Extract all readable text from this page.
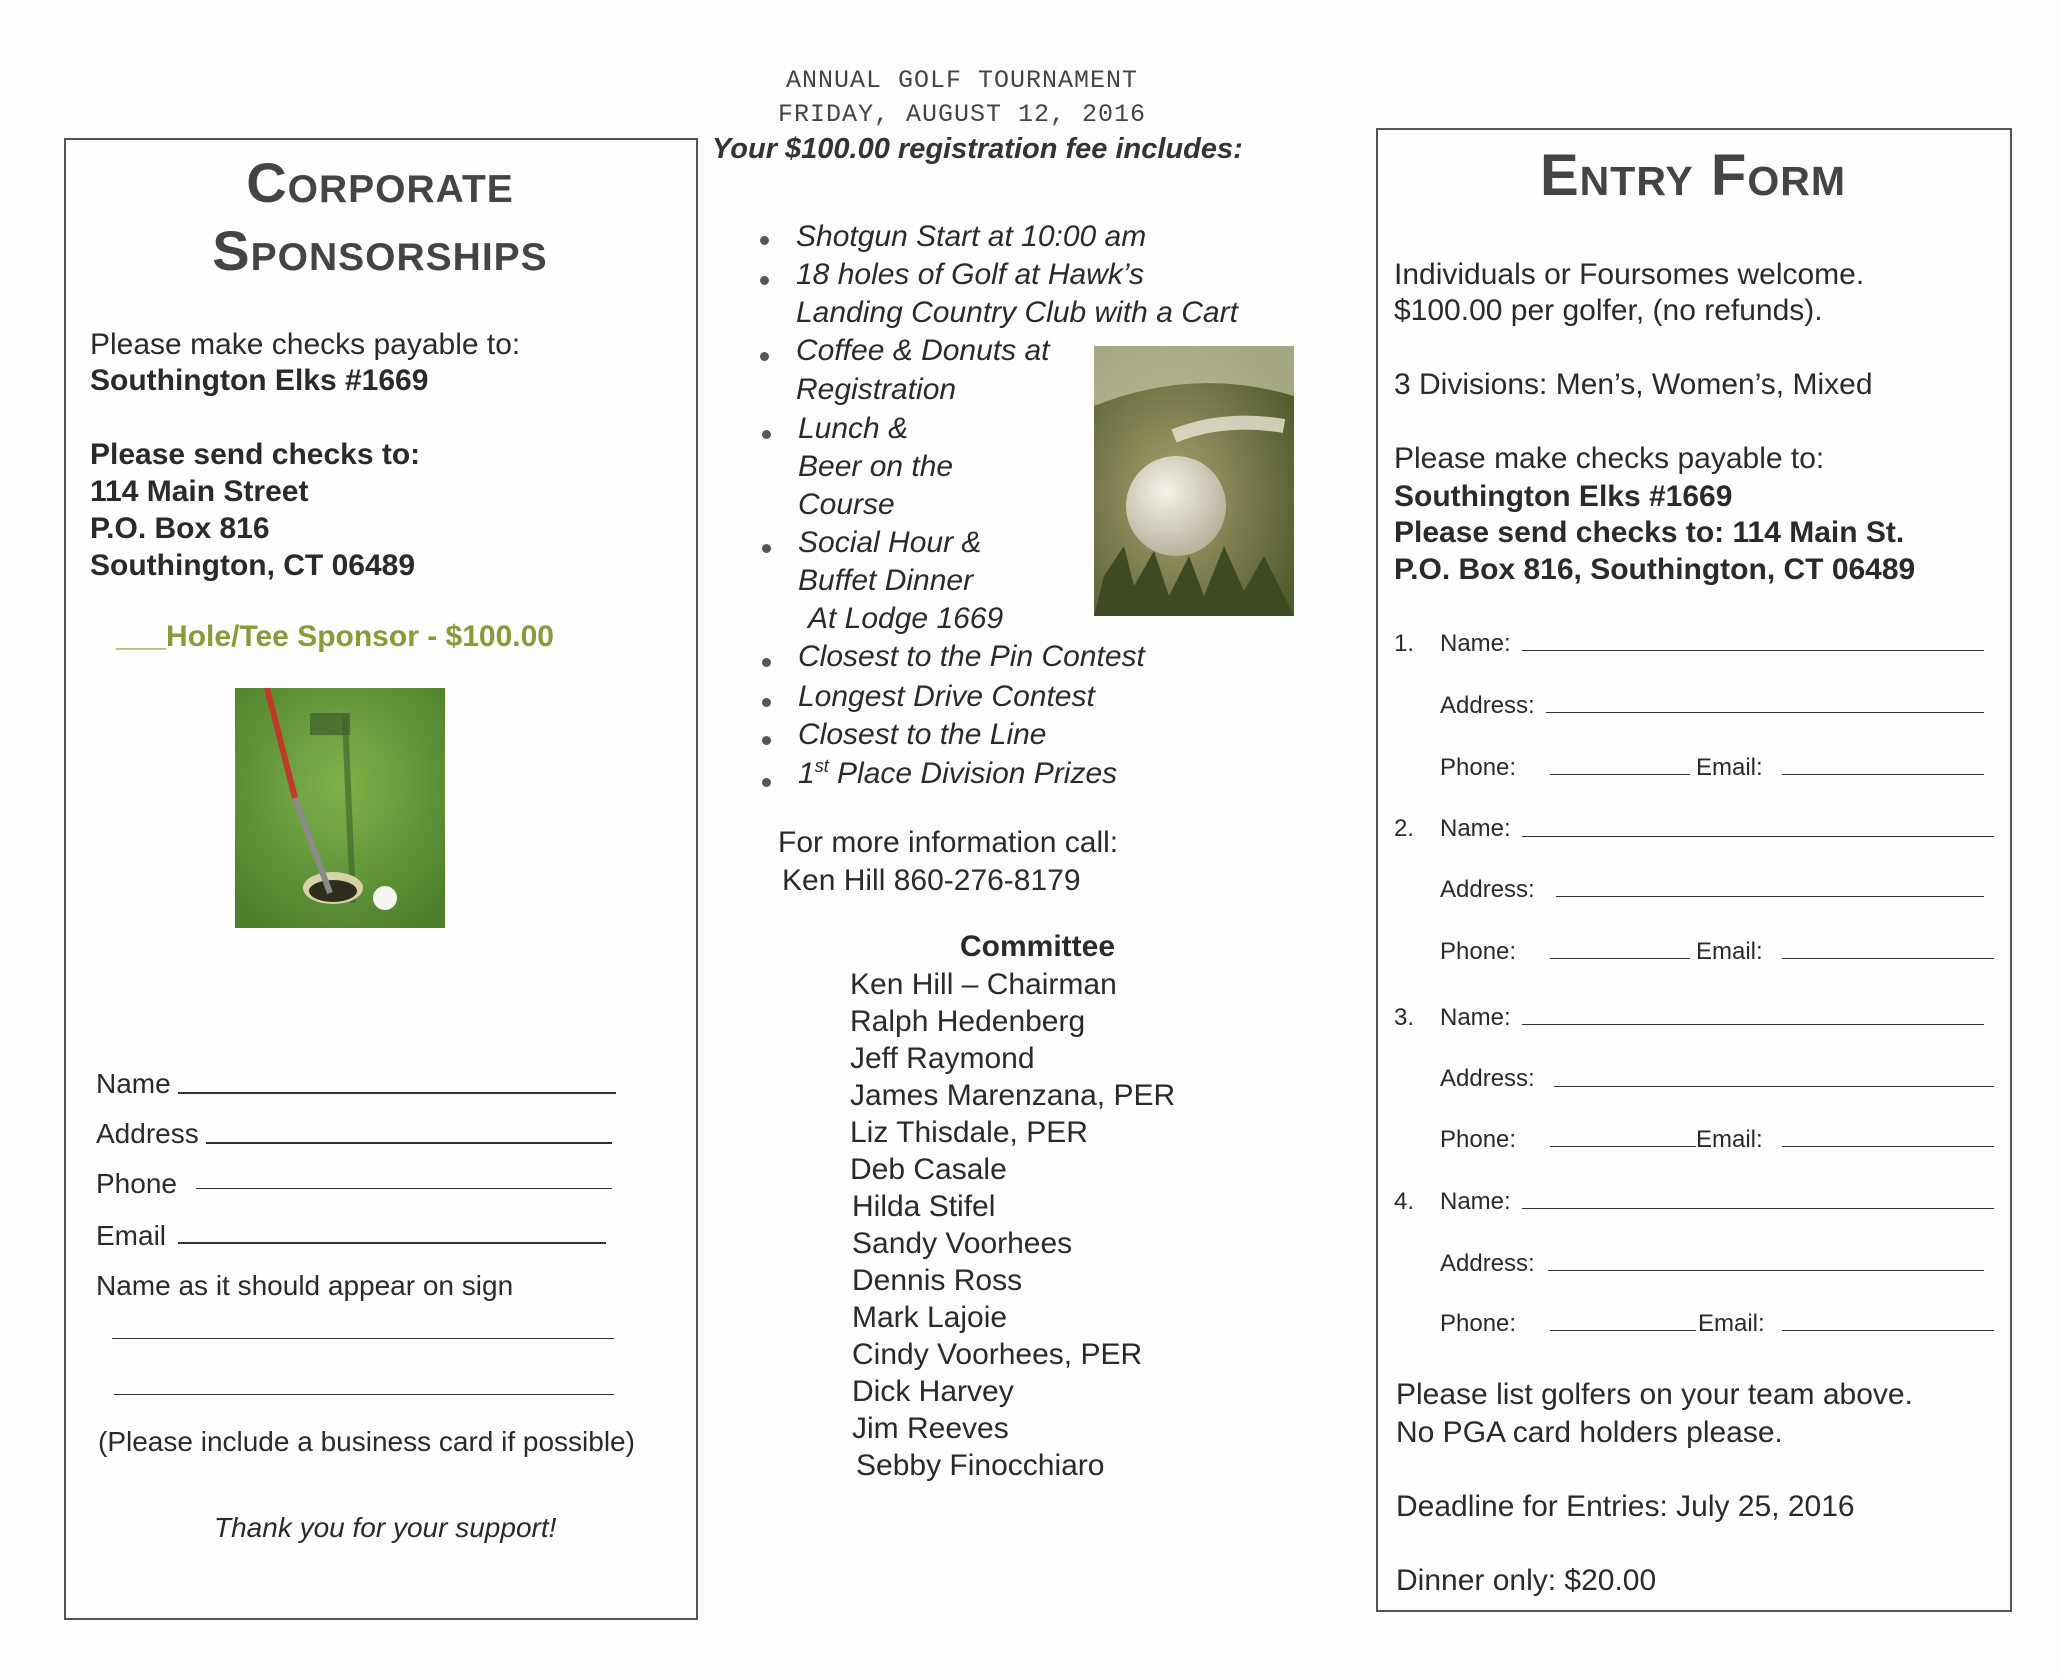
ANNUAL GOLF TOURNAMENT
FRIDAY, AUGUST 12, 2016
Your $100.00 registration fee includes:
Corporate
Sponsorships
Please make checks payable to:
Southington Elks #1669
Please send checks to:
114 Main Street
P.O. Box 816
Southington, CT 06489
___Hole/Tee Sponsor - $100.00
Name
Address
Phone
Email
Name as it should appear on sign
(Please include a business card if possible)
Thank you for your support!
Shotgun Start at 10:00 am
18 holes of Golf at Hawk’s
Landing Country Club with a Cart
Coffee & Donuts at
Registration
Lunch &
Beer on the
Course
Social Hour &
Buffet Dinner
At Lodge 1669
Closest to the Pin Contest
Longest Drive Contest
Closest to the Line
1st Place Division Prizes
For more information call:
Ken Hill 860-276-8179
Committee
Ken Hill – Chairman
Ralph Hedenberg
Jeff Raymond
James Marenzana, PER
Liz Thisdale, PER
Deb Casale
Hilda Stifel
Sandy Voorhees
Dennis Ross
Mark Lajoie
Cindy Voorhees, PER
Dick Harvey
Jim Reeves
Sebby Finocchiaro
Entry Form
Individuals or Foursomes welcome.
$100.00 per golfer, (no refunds).
3 Divisions: Men’s, Women’s, Mixed
Please make checks payable to:
Southington Elks #1669
Please send checks to: 114 Main St.
P.O. Box 816, Southington, CT 06489
1. Name:
Address:
Phone:	Email:
2. Name:
Address:
Phone:	Email:
3. Name:
Address:
Phone:	Email:
4. Name:
Address:
Phone:	Email:
Please list golfers on your team above.
No PGA card holders please.
Deadline for Entries: July 25, 2016
Dinner only: $20.00
